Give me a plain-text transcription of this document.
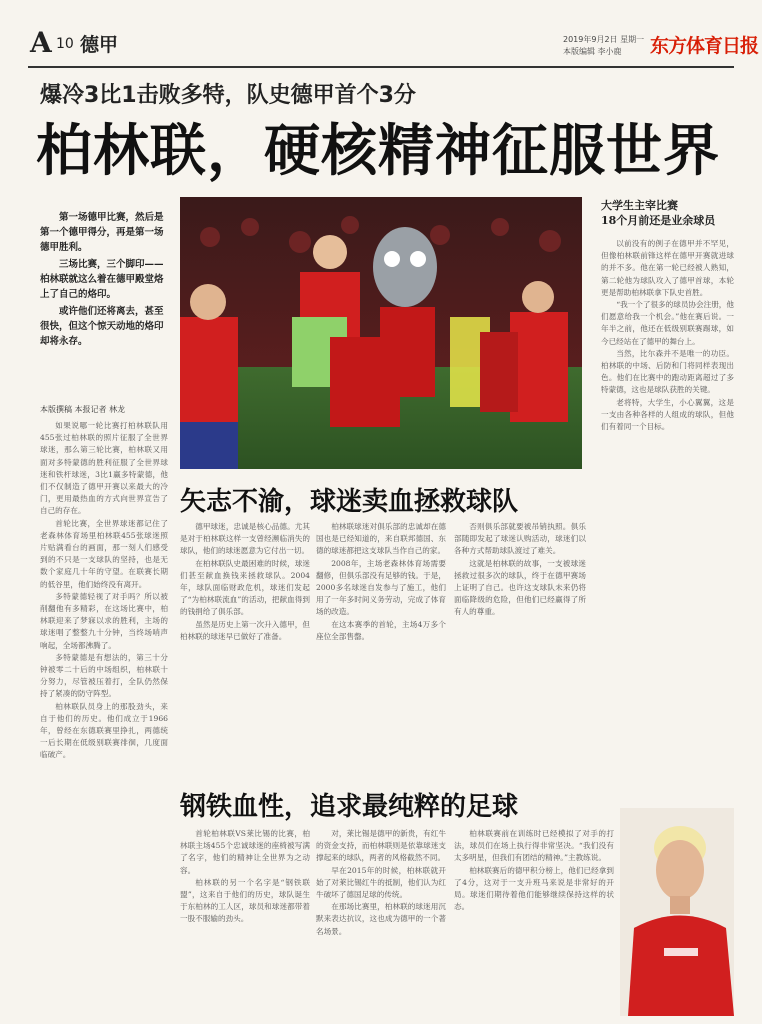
A 10 德甲	2019年9月2日 星期一
本版编辑 李小鹿 东方体育日报
爆冷3比1击败多特，队史德甲首个3分
柏林联，硬核精神征服世界

第一场德甲比赛，然后是第一个德甲得分，再是第一场德甲胜利。

三场比赛，三个脚印——柏林联就这么着在德甲殿堂烙上了自己的烙印。

或许他们还将离去，甚至很快，但这个惊天动地的烙印却将永存。

本版撰稿 本报记者 林龙

如果说哪一轮比赛打柏林联队用455张过柏林联的照片征服了全世界球迷，那么第三轮比赛，柏林联又用面对多特蒙德的胜利征服了全世界球迷和铁杆球迷，3比1赢多特蒙德，他们不仅制造了德甲开赛以来最大的冷门，更用最热血的方式向世界宣告了自己的存在。

首轮比赛，全世界球迷都记住了老森林体育场里柏林联455张球迷照片贴满看台的画面，那一刻人们感受到的不只是一支球队的坚持，也是无数个家庭几十年的守望。在联赛长期的低谷里，他们始终没有离开。

多特蒙德轻视了对手吗？所以被削翻他有多精彩，在这场比赛中，柏林联迎来了梦寐以求的胜利，主场的球迷唱了整整九十分钟，当终场哨声响起，全场都沸腾了。

多特蒙德是有想法的，第三十分钟被零二十后的中场组织，柏林联十分努力，尽管被压着打，全队仍然保持了紧凑的防守阵型。

柏林联队员身上的那股劲头，来自于他们的历史。他们成立于1966年，曾经在东德联赛里挣扎，两德统一后长期在低级别联赛徘徊，几度面临破产。

大学生主宰比赛
18个月前还是业余球员

以前没有的例子在德甲并不罕见，但像柏林联前锋这样在德甲开赛就进球的并不多。他在第一轮已经被人熟知，第二轮他为球队攻入了德甲首球，本轮更是帮助柏林联拿下队史首胜。

“我一个了很多的球员协会注册，他们愿意给我一个机会。”他在赛后说。一年半之前，他还在低级别联赛踢球，如今已经站在了德甲的舞台上。

当然，比尔森并不是唯一的功臣。柏林联的中场、后防和门将同样表现出色。他们在比赛中的跑动距离超过了多特蒙德，这也是球队获胜的关键。

老将特，大学生，小心翼翼，这是一支由各种各样的人组成的球队，但他们有着同一个目标。

矢志不渝，球迷卖血拯救球队

德甲球迷，忠诚是核心品德。尤其是对于柏林联这样一支曾经濒临消失的球队，他们的球迷愿意为它付出一切。

在柏林联队史最困难的时候，球迷们甚至献血换钱来拯救球队。2004年，球队面临财政危机，球迷们发起了“为柏林联流血”的活动，把献血得到的钱捐给了俱乐部。

虽然是历史上第一次升入德甲，但柏林联的球迷早已做好了准备。

柏林联球迷对俱乐部的忠诚却在德国也是已经知道的，来自联邦德国、东德的球迷都把这支球队当作自己的家。

2008年，主场老森林体育场需要翻修，但俱乐部没有足够的钱。于是，2000多名球迷自发参与了施工，他们用了一年多时间义务劳动，完成了体育场的改造。

在这本赛季的首轮，主场4万多个座位全部售罄。

否则俱乐部就要被吊销执照。俱乐部随即发起了球迷认购活动，球迷们以各种方式帮助球队渡过了难关。

这就是柏林联的故事，一支被球迷拯救过很多次的球队，终于在德甲赛场上证明了自己。也许这支球队未来仍将面临降级的危险，但他们已经赢得了所有人的尊重。

钢铁血性，追求最纯粹的足球

首轮柏林联VS莱比锡的比赛，柏林联主场455个忠诚球迷的座椅被写满了名字，他们的精神让全世界为之动容。

柏林联的另一个名字是“钢铁联盟”，这来自于他们的历史，球队诞生于东柏林的工人区，球员和球迷都带着一股不服输的劲头。

对，莱比锡是德甲的新贵，有红牛的资金支持，而柏林联则是依靠球迷支撑起来的球队，两者的风格截然不同。

早在2015年的时候，柏林联就开始了对莱比锡红牛的抵制，他们认为红牛破坏了德国足球的传统。

在那场比赛里，柏林联的球迷用沉默来表达抗议，这也成为德甲的一个著名场景。

柏林联赛前在训练时已经模拟了对手的打法，球员们在场上执行得非常坚决。“我们没有太多明星，但我们有团结的精神。”主教练说。

柏林联赛后的德甲积分榜上，他们已经拿到了4分，这对于一支升班马来说是非常好的开局。球迷们期待着他们能够继续保持这样的状态。
